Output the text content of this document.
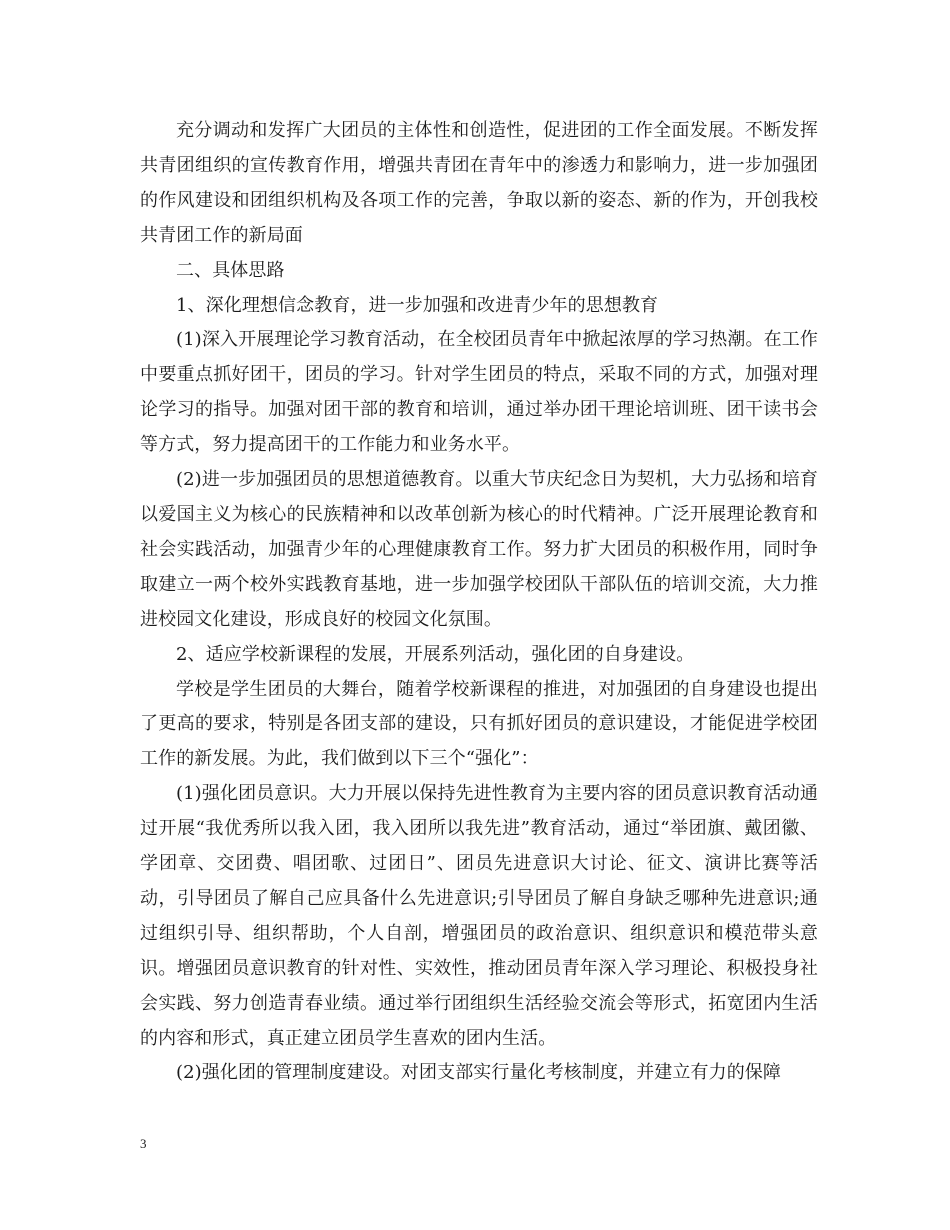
充分调动和发挥广大团员的主体性和创造性，促进团的工作全面发展。不断发挥共青团组织的宣传教育作用，增强共青团在青年中的渗透力和影响力，进一步加强团的作风建设和团组织机构及各项工作的完善，争取以新的姿态、新的作为，开创我校共青团工作的新局面

二、具体思路

1、深化理想信念教育，进一步加强和改进青少年的思想教育

(1)深入开展理论学习教育活动，在全校团员青年中掀起浓厚的学习热潮。在工作中要重点抓好团干，团员的学习。针对学生团员的特点，采取不同的方式，加强对理论学习的指导。加强对团干部的教育和培训，通过举办团干理论培训班、团干读书会等方式，努力提高团干的工作能力和业务水平。

(2)进一步加强团员的思想道德教育。以重大节庆纪念日为契机，大力弘扬和培育以爱国主义为核心的民族精神和以改革创新为核心的时代精神。广泛开展理论教育和社会实践活动，加强青少年的心理健康教育工作。努力扩大团员的积极作用，同时争取建立一两个校外实践教育基地，进一步加强学校团队干部队伍的培训交流，大力推进校园文化建设，形成良好的校园文化氛围。

2、适应学校新课程的发展，开展系列活动，强化团的自身建设。

学校是学生团员的大舞台，随着学校新课程的推进，对加强团的自身建设也提出了更高的要求，特别是各团支部的建设，只有抓好团员的意识建设，才能促进学校团工作的新发展。为此，我们做到以下三个“强化”：

(1)强化团员意识。大力开展以保持先进性教育为主要内容的团员意识教育活动通过开展“我优秀所以我入团，我入团所以我先进”教育活动，通过“举团旗、戴团徽、学团章、交团费、唱团歌、过团日”、团员先进意识大讨论、征文、演讲比赛等活动，引导团员了解自己应具备什么先进意识;引导团员了解自身缺乏哪种先进意识;通过组织引导、组织帮助，个人自剖，增强团员的政治意识、组织意识和模范带头意识。增强团员意识教育的针对性、实效性，推动团员青年深入学习理论、积极投身社会实践、努力创造青春业绩。通过举行团组织生活经验交流会等形式，拓宽团内生活的内容和形式，真正建立团员学生喜欢的团内生活。

(2)强化团的管理制度建设。对团支部实行量化考核制度，并建立有力的保障

3
